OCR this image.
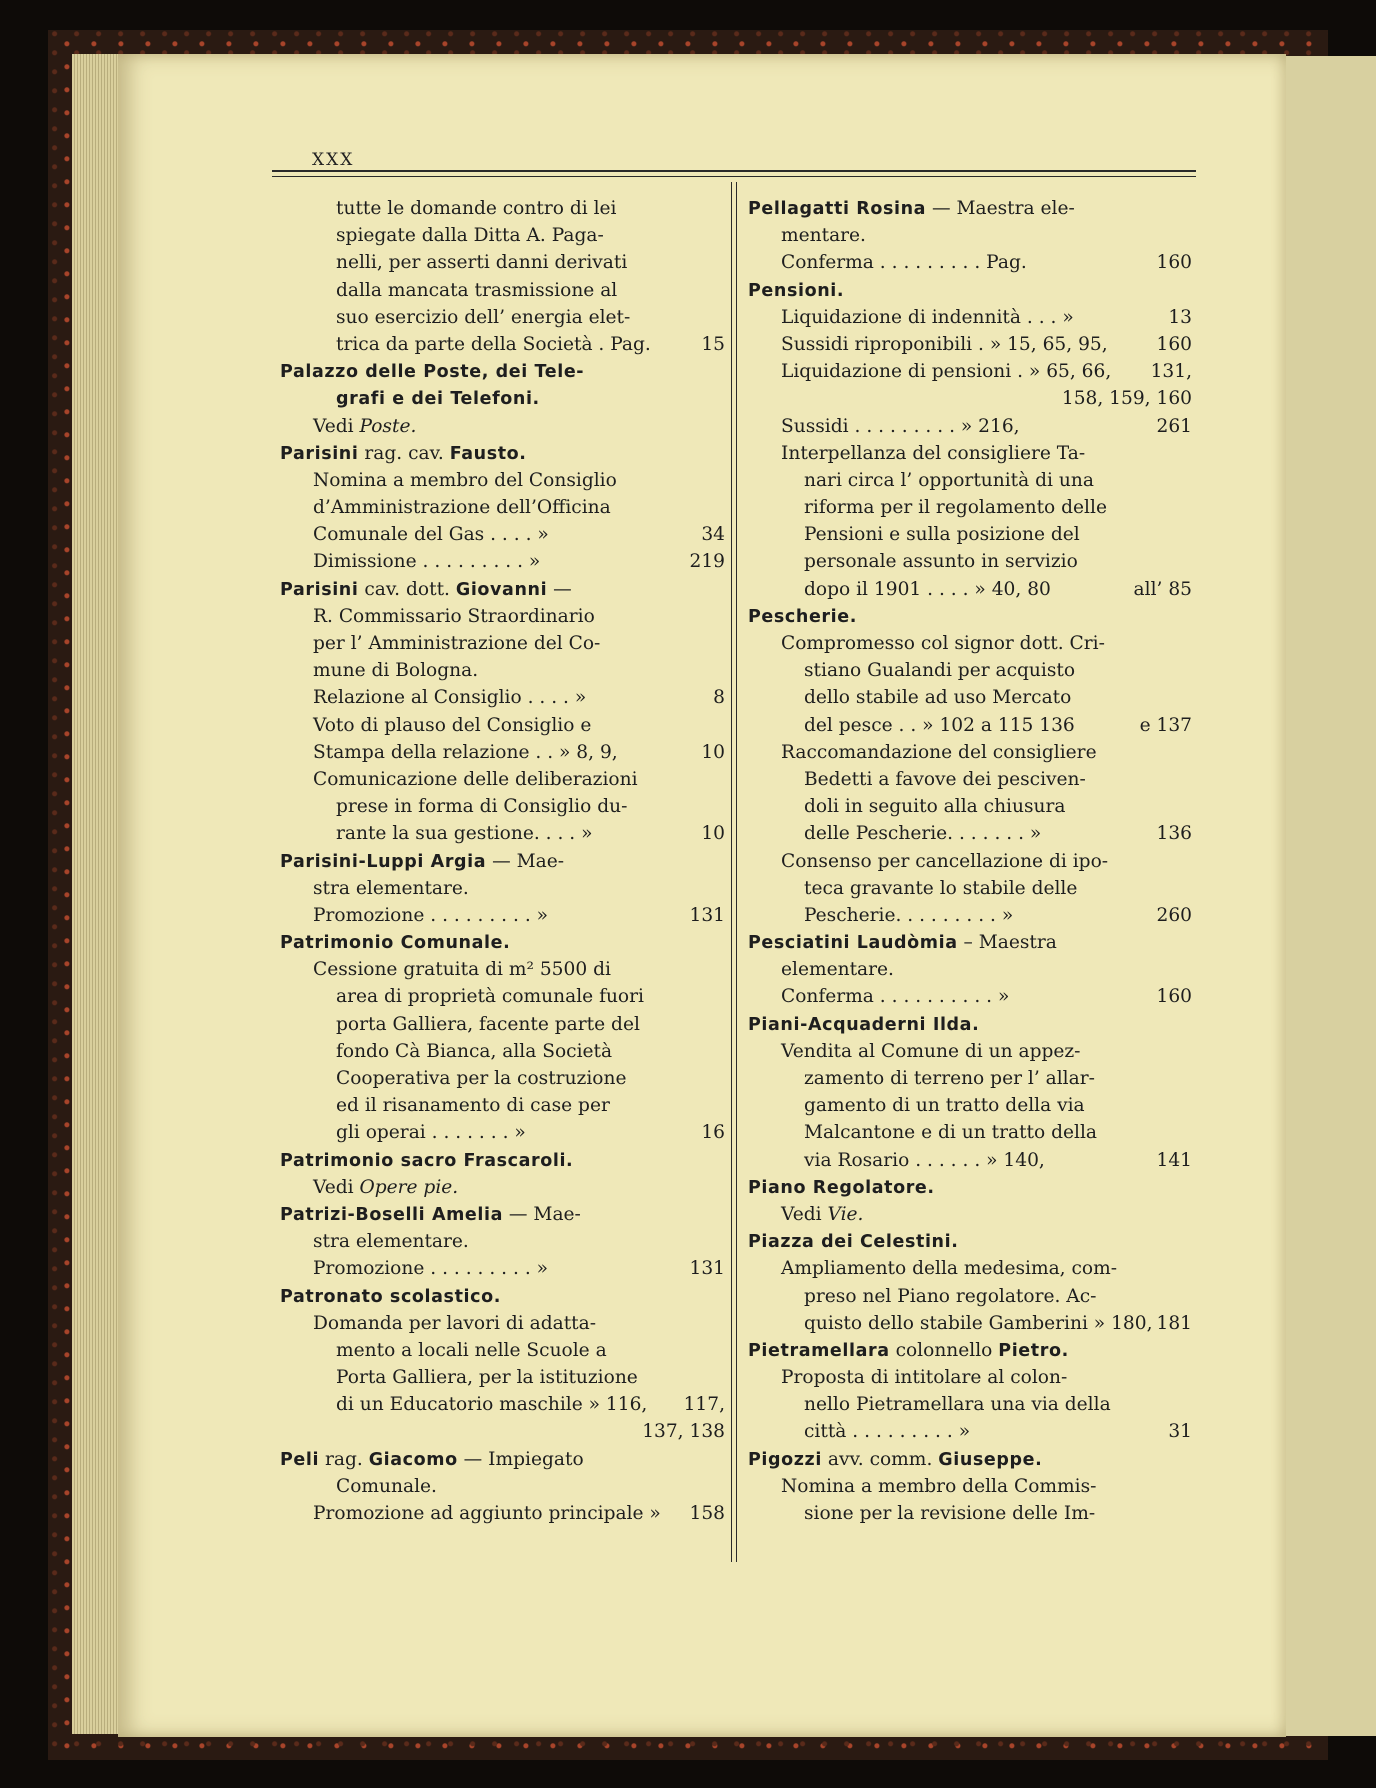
XXX
tutte le domande contro di lei
spiegate dalla Ditta A. Paga-
nelli, per asserti danni derivati
dalla mancata trasmissione al
suo esercizio dell’ energia elet-
trica da parte della Società . Pag.	15
Palazzo delle Poste, dei Tele-
grafi e dei Telefoni.
Vedi Poste.
Parisini rag. cav. Fausto.
Nomina a membro del Consiglio
d’Amministrazione dell’Officina
Comunale del Gas . . . . »	34
Dimissione . . . . . . . . . »	219
Parisini cav. dott. Giovanni —
R. Commissario Straordinario
per l’ Amministrazione del Co-
mune di Bologna.
Relazione al Consiglio . . . . »	8
Voto di plauso del Consiglio e
Stampa della relazione . . » 8, 9,	10
Comunicazione delle deliberazioni
prese in forma di Consiglio du-
rante la sua gestione. . . . »	10
Parisini-Luppi Argia — Mae-
stra elementare.
Promozione . . . . . . . . . »	131
Patrimonio Comunale.
Cessione gratuita di m² 5500 di
area di proprietà comunale fuori
porta Galliera, facente parte del
fondo Cà Bianca, alla Società
Cooperativa per la costruzione
ed il risanamento di case per
gli operai . . . . . . . »	16
Patrimonio sacro Frascaroli.
Vedi Opere pie.
Patrizi-Boselli Amelia — Mae-
stra elementare.
Promozione . . . . . . . . . »	131
Patronato scolastico.
Domanda per lavori di adatta-
mento a locali nelle Scuole a
Porta Galliera, per la istituzione
di un Educatorio maschile » 116, 117,
137, 138
Peli rag. Giacomo — Impiegato
Comunale.
Promozione ad aggiunto principale » 158
Pellagatti Rosina — Maestra ele-
mentare.
Conferma . . . . . . . . . Pag.	160
Pensioni.
Liquidazione di indennità . . . »	13
Sussidi riproponibili . » 15, 65, 95,	160
Liquidazione di pensioni . » 65, 66, 131,
158, 159, 160
Sussidi . . . . . . . . . » 216,	261
Interpellanza del consigliere Ta-
nari circa l’ opportunità di una
riforma per il regolamento delle
Pensioni e sulla posizione del
personale assunto in servizio
dopo il 1901 . . . . » 40, 80	all’ 85
Pescherie.
Compromesso col signor dott. Cri-
stiano Gualandi per acquisto
dello stabile ad uso Mercato
del pesce . . » 102 a 115 136	e 137
Raccomandazione del consigliere
Bedetti a favove dei pesciven-
doli in seguito alla chiusura
delle Pescherie. . . . . . . »	136
Consenso per cancellazione di ipo-
teca gravante lo stabile delle
Pescherie. . . . . . . . . »	260
Pesciatini Laudòmia – Maestra
elementare.
Conferma . . . . . . . . . . »	160
Piani-Acquaderni Ilda.
Vendita al Comune di un appez-
zamento di terreno per l’ allar-
gamento di un tratto della via
Malcantone e di un tratto della
via Rosario . . . . . . » 140,	141
Piano Regolatore.
Vedi Vie.
Piazza dei Celestini.
Ampliamento della medesima, com-
preso nel Piano regolatore. Ac-
quisto dello stabile Gamberini » 180, 181
Pietramellara colonnello Pietro.
Proposta di intitolare al colon-
nello Pietramellara una via della
città . . . . . . . . . »	31
Pigozzi avv. comm. Giuseppe.
Nomina a membro della Commis-
sione per la revisione delle Im-
